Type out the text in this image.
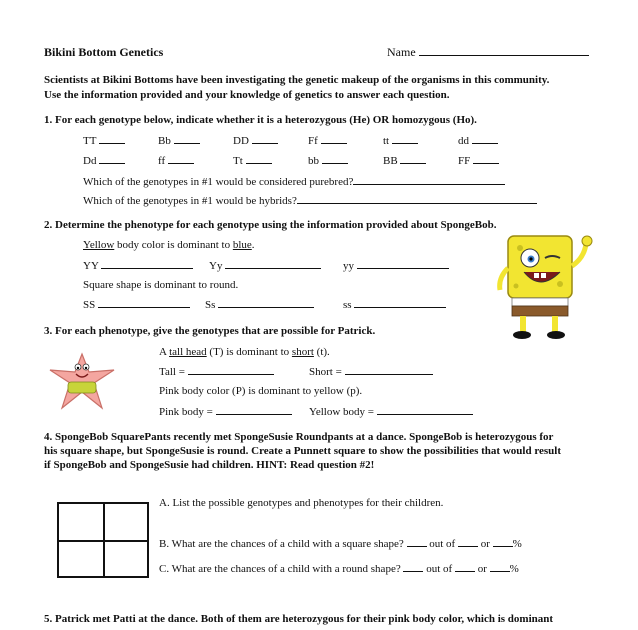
Bikini Bottom Genetics	Name
Scientists at Bikini Bottoms have been investigating the genetic makeup of the organisms in this community.
Use the information provided and your knowledge of genetics to answer each question.
1. For each genotype below, indicate whether it is a heterozygous (He) OR homozygous (Ho).
TT	Bb	DD	Ff	tt	dd
Dd	ff	Tt	bb	BB	FF
Which of the genotypes in #1 would be considered purebred?
Which of the genotypes in #1 would be hybrids?
2. Determine the phenotype for each genotype using the information provided about SpongeBob.
Yellow body color is dominant to blue.
YY	Yy	yy
Square shape is dominant to round.
SS	Ss	ss
3. For each phenotype, give the genotypes that are possible for Patrick.
A tall head (T) is dominant to short (t).
Tall =	Short =
Pink body color (P) is dominant to yellow (p).
Pink body =	Yellow body =
4. SpongeBob SquarePants recently met SpongeSusie Roundpants at a dance. SpongeBob is heterozygous for
his square shape, but SpongeSusie is round. Create a Punnett square to show the possibilities that would result
if SpongeBob and SpongeSusie had children. HINT: Read question #2!
A. List the possible genotypes and phenotypes for their children.
B. What are the chances of a child with a square shape? out of or %
C. What are the chances of a child with a round shape? out of or %
5. Patrick met Patti at the dance. Both of them are heterozygous for their pink body color, which is dominant
